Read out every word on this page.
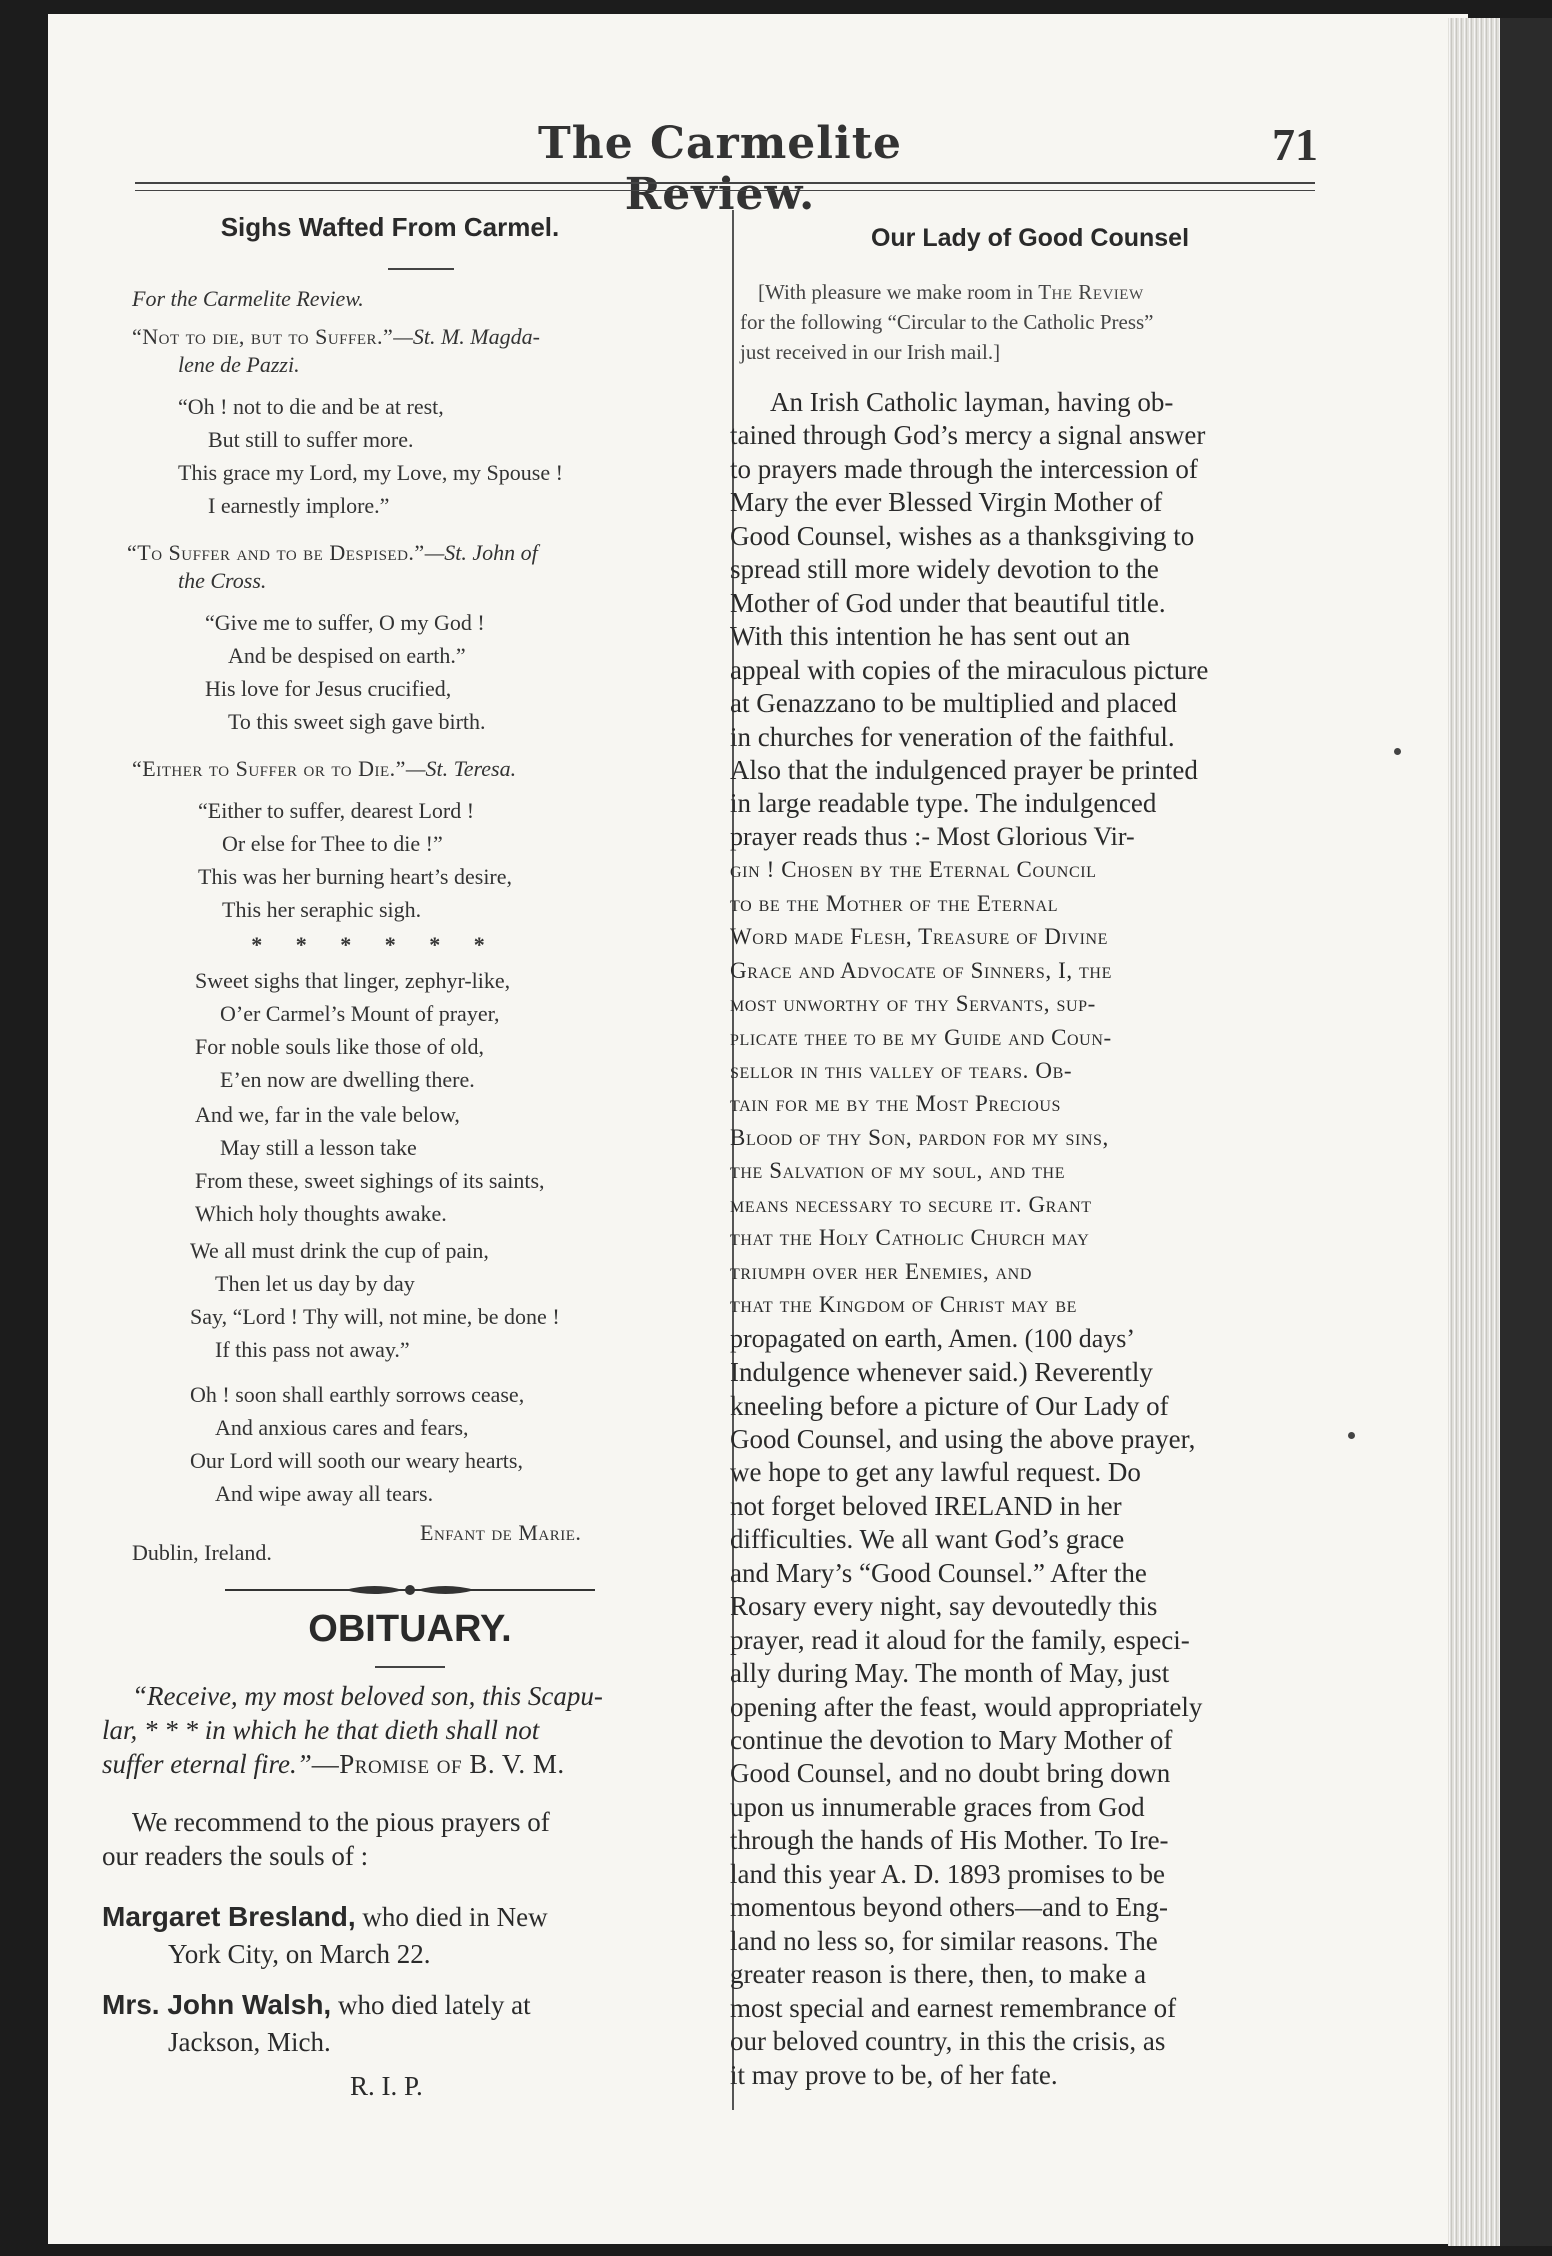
The Carmelite Review.
71
Sighs Wafted From Carmel.
For the Carmelite Review.
“Not to die, but to Suffer.”—St. M. Magda-
lene de Pazzi.
“Oh ! not to die and be at rest,
But still to suffer more.
This grace my Lord, my Love, my Spouse !
I earnestly implore.”
“To Suffer and to be Despised.”—St. John of
the Cross.
“Give me to suffer, O my God !
And be despised on earth.”
His love for Jesus crucified,
To this sweet sigh gave birth.
“Either to Suffer or to Die.”—St. Teresa.
“Either to suffer, dearest Lord !
Or else for Thee to die !”
This was her burning heart’s desire,
This her seraphic sigh.
* * * * * *
Sweet sighs that linger, zephyr-like,
O’er Carmel’s Mount of prayer,
For noble souls like those of old,
E’en now are dwelling there.
And we, far in the vale below,
May still a lesson take
From these, sweet sighings of its saints,
Which holy thoughts awake.
We all must drink the cup of pain,
Then let us day by day
Say, “Lord ! Thy will, not mine, be done !
If this pass not away.”
Oh ! soon shall earthly sorrows cease,
And anxious cares and fears,
Our Lord will sooth our weary hearts,
And wipe away all tears.
Enfant de Marie.
Dublin, Ireland.
OBITUARY.
“Receive, my most beloved son, this Scapu-
lar, * * * in which he that dieth shall not
suffer eternal fire.”—Promise of B. V. M.
We recommend to the pious prayers of
our readers the souls of :
Margaret Bresland, who died in New
York City, on March 22.
Mrs. John Walsh, who died lately at
Jackson, Mich.
R. I. P.
Our Lady of Good Counsel
[With pleasure we make room in The Review
for the following “Circular to the Catholic Press”
just received in our Irish mail.]
An Irish Catholic layman, having ob-
tained through God’s mercy a signal answer
to prayers made through the intercession of
Mary the ever Blessed Virgin Mother of
Good Counsel, wishes as a thanksgiving to
spread still more widely devotion to the
Mother of God under that beautiful title.
With this intention he has sent out an
appeal with copies of the miraculous picture
at Genazzano to be multiplied and placed
in churches for veneration of the faithful.
Also that the indulgenced prayer be printed
in large readable type. The indulgenced
prayer reads thus :- Most Glorious Vir-
gin ! Chosen by the Eternal Council
to be the Mother of the Eternal
Word made Flesh, Treasure of Divine
Grace and Advocate of Sinners, I, the
most unworthy of thy Servants, sup-
plicate thee to be my Guide and Coun-
sellor in this valley of tears. Ob-
tain for me by the Most Precious
Blood of thy Son, pardon for my sins,
the Salvation of my soul, and the
means necessary to secure it. Grant
that the Holy Catholic Church may
triumph over her Enemies, and
that the Kingdom of Christ may be
propagated on earth, Amen. (100 days’
Indulgence whenever said.) Reverently
kneeling before a picture of Our Lady of
Good Counsel, and using the above prayer,
we hope to get any lawful request. Do
not forget beloved IRELAND in her
difficulties. We all want God’s grace
and Mary’s “Good Counsel.” After the
Rosary every night, say devoutedly this
prayer, read it aloud for the family, especi-
ally during May. The month of May, just
opening after the feast, would appropriately
continue the devotion to Mary Mother of
Good Counsel, and no doubt bring down
upon us innumerable graces from God
through the hands of His Mother. To Ire-
land this year A. D. 1893 promises to be
momentous beyond others—and to Eng-
land no less so, for similar reasons. The
greater reason is there, then, to make a
most special and earnest remembrance of
our beloved country, in this the crisis, as
it may prove to be, of her fate.
